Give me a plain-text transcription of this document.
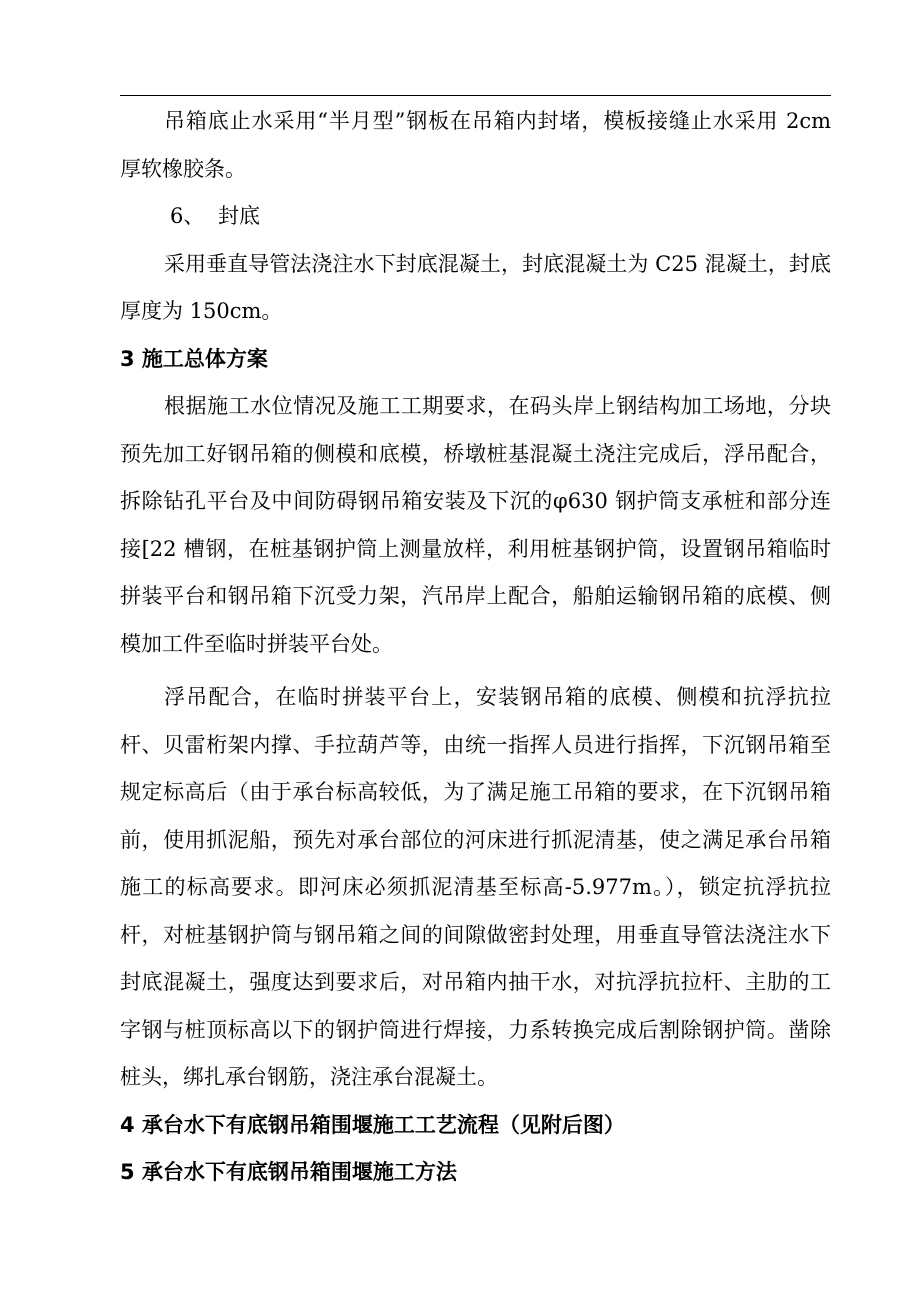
吊箱底止水采用“半月型”钢板在吊箱内封堵，模板接缝止水采用 2cm 厚软橡胶条。

6、 封底

采用垂直导管法浇注水下封底混凝土，封底混凝土为 C25 混凝土，封底厚度为 150cm。

3 施工总体方案

根据施工水位情况及施工工期要求，在码头岸上钢结构加工场地，分块预先加工好钢吊箱的侧模和底模，桥墩桩基混凝土浇注完成后，浮吊配合，拆除钻孔平台及中间防碍钢吊箱安装及下沉的φ630 钢护筒支承桩和部分连接[22 槽钢，在桩基钢护筒上测量放样，利用桩基钢护筒，设置钢吊箱临时拼装平台和钢吊箱下沉受力架，汽吊岸上配合，船舶运输钢吊箱的底模、侧模加工件至临时拼装平台处。

浮吊配合，在临时拼装平台上，安装钢吊箱的底模、侧模和抗浮抗拉杆、贝雷桁架内撑、手拉葫芦等，由统一指挥人员进行指挥，下沉钢吊箱至规定标高后（由于承台标高较低，为了满足施工吊箱的要求，在下沉钢吊箱前，使用抓泥船，预先对承台部位的河床进行抓泥清基，使之满足承台吊箱施工的标高要求。即河床必须抓泥清基至标高-5.977m。），锁定抗浮抗拉杆，对桩基钢护筒与钢吊箱之间的间隙做密封处理，用垂直导管法浇注水下封底混凝土，强度达到要求后，对吊箱内抽干水，对抗浮抗拉杆、主肋的工字钢与桩顶标高以下的钢护筒进行焊接，力系转换完成后割除钢护筒。凿除桩头，绑扎承台钢筋，浇注承台混凝土。

4 承台水下有底钢吊箱围堰施工工艺流程（见附后图）
5 承台水下有底钢吊箱围堰施工方法
